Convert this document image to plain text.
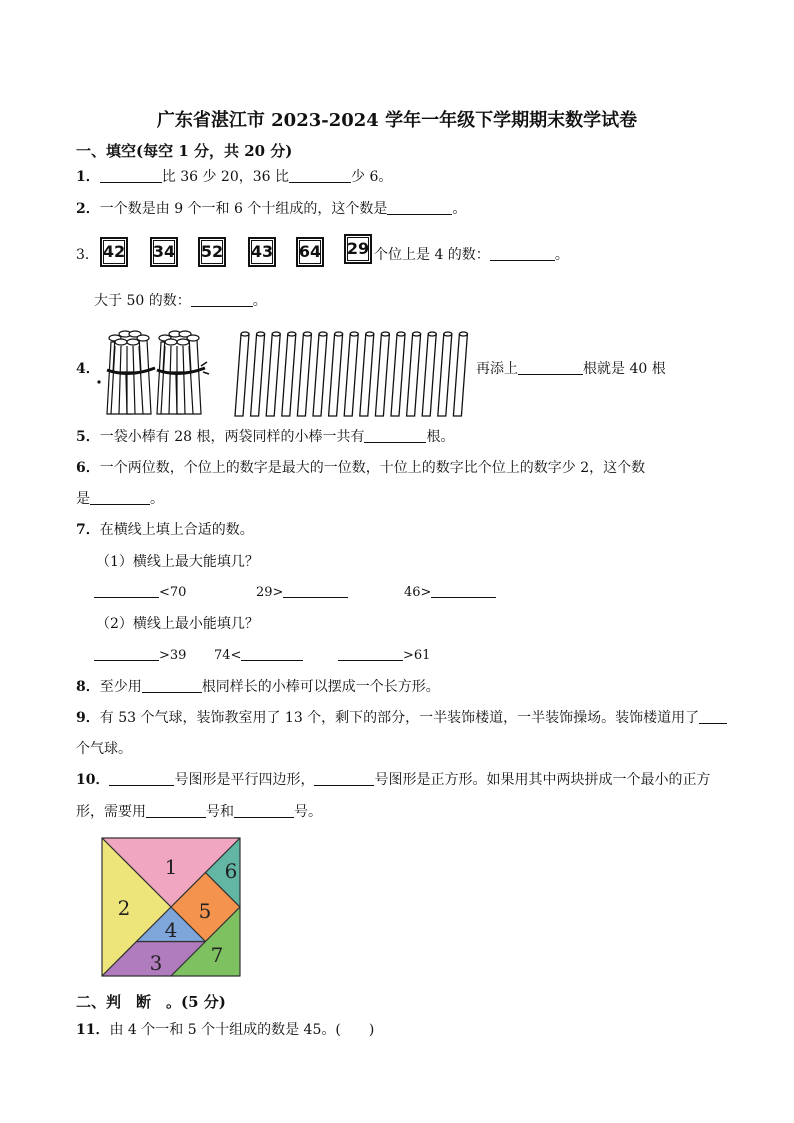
广东省湛江市 2023-2024 学年一年级下学期期末数学试卷
一、填空(每空 1 分，共 20 分)
1．	比 36 少 20，36 比	少 6。
2．一个数是由 9 个一和 6 个十组成的，这个数是	。
3． 42 34 52 43 64 29 个位上是 4 的数：	。
大于 50 的数：	。
4．	再添上	根就是 40 根
5．一袋小棒有 28 根，两袋同样的小棒一共有	根。
6．一个两位数，个位上的数字是最大的一位数，十位上的数字比个位上的数字少 2，这个数
是	。
7．在横线上填上合适的数。
（1）横线上最大能填几？
<70	29>	46>
（2）横线上最小能填几？
>39 74<	>61
8．至少用	根同样长的小棒可以摆成一个长方形。
9．有 53 个气球，装饰教室用了 13 个，剩下的部分，一半装饰楼道，一半装饰操场。装饰楼道用了
个气球。
10．	号图形是平行四边形，	号图形是正方形。如果用其中两块拼成一个最小的正方
形，需要用	号和	号。
1
2
3
4
5
6
7
二、判　断　。(5 分)
11．由 4 个一和 5 个十组成的数是 45。(　　)
